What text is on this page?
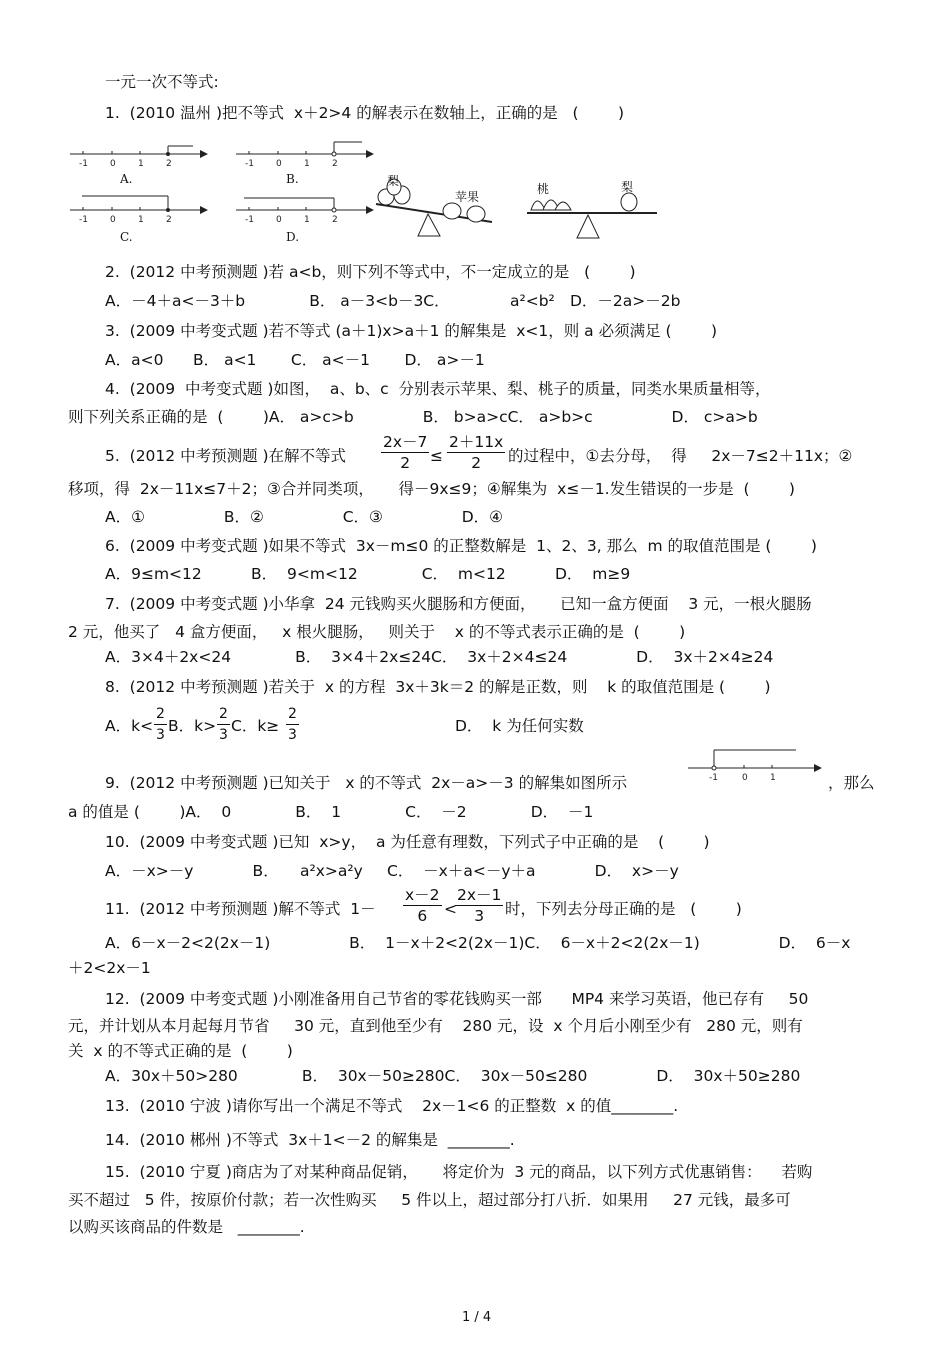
一元一次不等式:
1.  (2010 温州 )把不等式  x＋2>4 的解表示在数轴上，正确的是   (        )
-1 0 1 2
A.
-1 0 1 2
B.
-1 0 1 2
C.
-1 0 1 2
D.
梨
苹果
桃	梨
2.  (2012 中考预测题 )若 a<b，则下列不等式中，不一定成立的是   (        )
A．－4＋a<－3＋b             B． a－3<b－3C．	a²<b² D．－2a>－2b
3.  (2009 中考变式题 )若不等式 (a＋1)x>a＋1 的解集是  x<1，则 a 必须满足 (        )
A．a<0      B． a<1       C． a<－1       D． a>－1
4.  (2009  中考变式题 )如图，  a、b、c  分别表示苹果、梨、桃子的质量，同类水果质量相等，
则下列关系正确的是  (        )A． a>c>b              B． b>a>cC． a>b>c                D． c>a>b
5.  (2012 中考预测题 )在解不等式 $\frac{2x-7}{2} \le \frac{2+11x}{2}$ 的过程中，①去分母，  得     2x－7≤2＋11x；②
移项，得  2x－11x≤7＋2；③合并同类项，     得－9x≤9；④解集为  x≤－1.发生错误的一步是  (        )
A．①                B．②                C．③                D．④
6.  (2009 中考变式题 )如果不等式  3x－m≤0 的正整数解是  1、2、3, 那么  m 的取值范围是 (        )
A．9≤m<12          B．  9<m<12             C．  m<12          D．  m≥9
7.  (2009 中考变式题 )小华拿  24 元钱购买火腿肠和方便面，     已知一盒方便面    3 元，一根火腿肠
2 元，他买了   4 盒方便面，   x 根火腿肠，   则关于    x 的不等式表示正确的是  (        )
A．3×4＋2x<24             B．  3×4＋2x≤24C．  3x＋2×4≤24              D．  3x＋2×4≥24
8.  (2012 中考预测题 )若关于  x 的方程  3x＋3k＝2 的解是正数，则    k 的取值范围是 (        )
A．$k< \frac{2}{3}$ B．$k> \frac{2}{3}$ C．$k\ge \frac{2}{3}$	D．  k 为任何实数
9.  (2012 中考预测题 )已知关于   x 的不等式  2x－a>－3 的解集如图所示	-1	0 1	，那么
a 的值是 (        )A．  0             B．  1             C．  －2             D．  －1
10.  (2009 中考变式题 )已知  x>y，  a 为任意有理数，下列式子中正确的是    (        )
A．－x>－y            B． a²x>a²y C．  －x＋a<－y＋a            D．  x>－y
11.  (2012 中考预测题 )解不等式  $1- \frac{x-2}{6}$ <
$\frac{2x-1}{3}$ 时，下列去分母正确的是   (        )
A．6－x－2<2(2x－1)                B．  1－x＋2<2(2x－1)C．  6－x＋2<2(2x－1)                D．  6－x
＋2<2x－1
12.  (2009 中考变式题 )小刚准备用自己节省的零花钱购买一部      MP4 来学习英语，他已存有     50
元，并计划从本月起每月节省     30 元，直到他至少有    280 元，设  x 个月后小刚至少有   280 元，则有
关  x 的不等式正确的是  (        )
A．30x＋50>280             B．  30x－50≥280C．  30x－50≤280              D．  30x＋50≥280
13.  (2010 宁波 )请你写出一个满足不等式    2x－1<6 的正整数  x 的值________.
14.  (2010 郴州 )不等式  3x＋1<－2 的解集是  ________.
15.  (2010 宁夏 )商店为了对某种商品促销，     将定价为  3 元的商品，以下列方式优惠销售：    若购
买不超过   5 件，按原价付款；若一次性购买     5 件以上，超过部分打八折．如果用     27 元钱，最多可
以购买该商品的件数是   ________.
1 / 4
